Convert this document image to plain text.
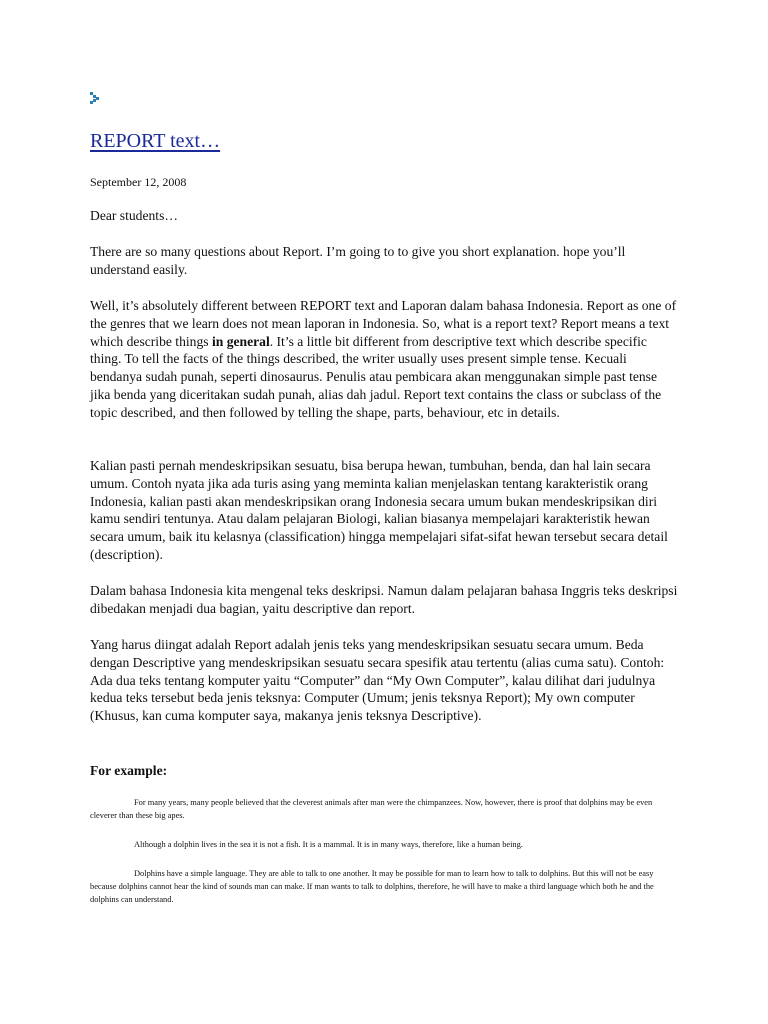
REPORT text…
September 12, 2008

Dear students…

There are so many questions about Report. I’m going to to give you short explanation. hope you’ll understand easily.

Well, it’s absolutely different between REPORT text and Laporan dalam bahasa Indonesia. Report as one of the genres that we learn does not mean laporan in Indonesia. So, what is a report text? Report means a text which describe things in general. It’s a little bit different from descriptive text which describe specific thing. To tell the facts of the things described, the writer usually uses present simple tense. Kecuali bendanya sudah punah, seperti dinosaurus. Penulis atau pembicara akan menggunakan simple past tense jika benda yang diceritakan sudah punah, alias dah jadul. Report text contains the class or subclass of the topic described, and then followed by telling the shape, parts, behaviour, etc in details.

Kalian pasti pernah mendeskripsikan sesuatu, bisa berupa hewan, tumbuhan, benda, dan hal lain secara umum. Contoh nyata jika ada turis asing yang meminta kalian menjelaskan tentang karakteristik orang Indonesia, kalian pasti akan mendeskripsikan orang Indonesia secara umum bukan mendeskripsikan diri kamu sendiri tentunya. Atau dalam pelajaran Biologi, kalian biasanya mempelajari karakteristik hewan secara umum, baik itu kelasnya (classification) hingga mempelajari sifat-sifat hewan tersebut secara detail (description).

Dalam bahasa Indonesia kita mengenal teks deskripsi. Namun dalam pelajaran bahasa Inggris teks deskripsi dibedakan menjadi dua bagian, yaitu descriptive dan report.

Yang harus diingat adalah Report adalah jenis teks yang mendeskripsikan sesuatu secara umum. Beda dengan Descriptive yang mendeskripsikan sesuatu secara spesifik atau tertentu (alias cuma satu). Contoh: Ada dua teks tentang komputer yaitu “Computer” dan “My Own Computer”, kalau dilihat dari judulnya kedua teks tersebut beda jenis teksnya: Computer (Umum; jenis teksnya Report); My own computer (Khusus, kan cuma komputer saya, makanya jenis teksnya Descriptive).

For example:

For many years, many people believed that the cleverest animals after man were the chimpanzees. Now, however, there is proof that dolphins may be even cleverer than these big apes.

Although a dolphin lives in the sea it is not a fish. It is a mammal. It is in many ways, therefore, like a human being.

Dolphins have a simple language. They are able to talk to one another. It may be possible for man to learn how to talk to dolphins. But this will not be easy because dolphins cannot hear the kind of sounds man can make. If man wants to talk to dolphins, therefore, he will have to make a third language which both he and the dolphins can understand.
